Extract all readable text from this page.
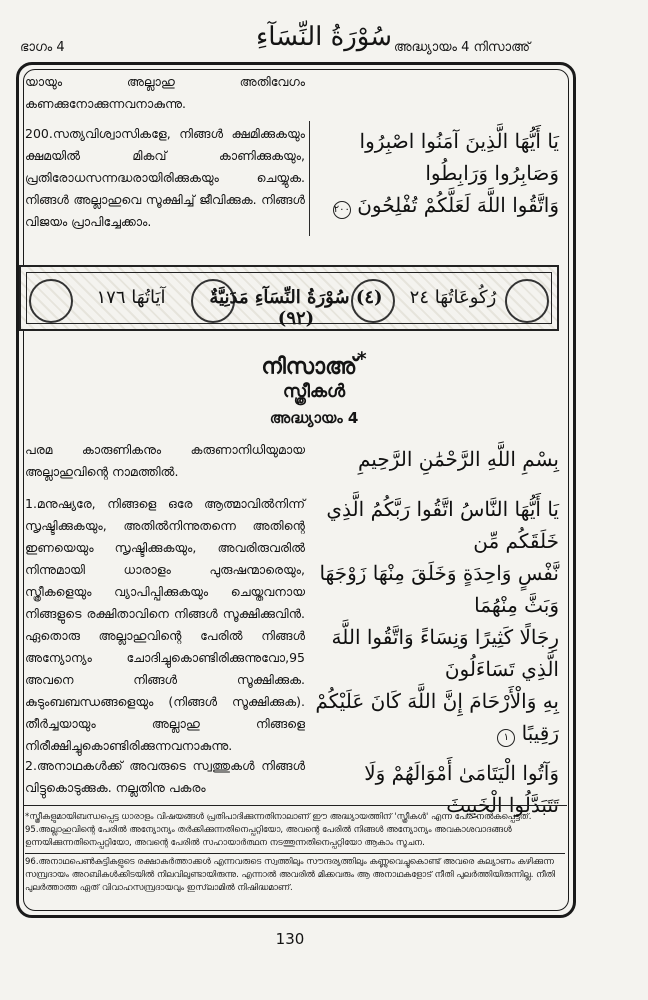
ഭാഗം 4	سُوْرَةُ النِّسَآءِ അദ്ധ്യായം 4 നിസാഅ്
യായും അല്ലാഹു അതിവേഗം കണക്കുനോക്കുന്നവനാകുന്നു.
200.സത്യവിശ്വാസികളേ, നിങ്ങൾ ക്ഷമിക്കുകയും ക്ഷമയിൽ മികവ് കാണിക്കുകയും, പ്രതിരോധസന്നദ്ധരായിരിക്കുകയും ചെയ്യുക. നിങ്ങൾ അല്ലാഹുവെ സൂക്ഷിച്ച് ജീവിക്കുക. നിങ്ങൾ വിജയം പ്രാപിച്ചേക്കാം.
يَا أَيُّهَا الَّذِينَ آمَنُوا اصْبِرُوا وَصَابِرُوا وَرَابِطُوا
وَاتَّقُوا اللَّهَ لَعَلَّكُمْ تُفْلِحُونَ ٢٠٠
آيَاتُهَا ١٧٦	(٤) سُوْرَةُ النِّسَآءِ مَدَنِيَّةٌ (٩٢)
رُكُوعَاتُهَا ٢٤
നിസാഅ്*
സ്ത്രീകൾ
അദ്ധ്യായം 4
പരമ കാരുണികനും കരുണാനിധിയുമായ അല്ലാഹുവിന്റെ നാമത്തിൽ.
بِسْمِ اللَّهِ الرَّحْمَٰنِ الرَّحِيمِ
1.മനുഷ്യരേ, നിങ്ങളെ ഒരേ ആത്മാവിൽനിന്ന് സൃഷ്ടിക്കുകയും, അതിൽനിന്നുതന്നെ അതിന്റെ ഇണയെയും സൃഷ്ടിക്കുകയും, അവരിരുവരിൽ നിന്നുമായി ധാരാളം പുരുഷന്മാരെയും, സ്ത്രീകളെയും വ്യാപിപ്പിക്കുകയും ചെയ്തവനായ നിങ്ങളുടെ രക്ഷിതാവിനെ നിങ്ങൾ സൂക്ഷിക്കുവിൻ. ഏതൊരു അല്ലാഹുവിന്റെ പേരിൽ നിങ്ങൾ അന്യോന്യം ചോദിച്ചുകൊണ്ടിരിക്കുന്നുവോ,95 അവനെ നിങ്ങൾ സൂക്ഷിക്കുക. കുടുംബബന്ധങ്ങളെയും (നിങ്ങൾ സൂക്ഷിക്കുക). തീർച്ചയായും അല്ലാഹു നിങ്ങളെ നിരീക്ഷിച്ചുകൊണ്ടിരിക്കുന്നവനാകുന്നു.
يَا أَيُّهَا النَّاسُ اتَّقُوا رَبَّكُمُ الَّذِي خَلَقَكُم مِّن
نَّفْسٍ وَاحِدَةٍ وَخَلَقَ مِنْهَا زَوْجَهَا وَبَثَّ مِنْهُمَا
رِجَالًا كَثِيرًا وَنِسَاءً وَاتَّقُوا اللَّهَ الَّذِي تَسَاءَلُونَ
بِهِ وَالْأَرْحَامَ إِنَّ اللَّهَ كَانَ عَلَيْكُمْ رَقِيبًا ١
2.അനാഥകൾക്ക് അവരുടെ സ്വത്തുകൾ നിങ്ങൾ വിട്ടുകൊടുക്കുക. നല്ലതിനു പകരം
وَآتُوا الْيَتَامَىٰ أَمْوَالَهُمْ وَلَا تَتَبَدَّلُوا الْخَبِيثَ
*സ്ത്രീകളുമായിബന്ധപ്പെട്ട ധാരാളം വിഷയങ്ങൾ പ്രതിപാദിക്കുന്നതിനാലാണ് ഈ അദ്ധ്യായത്തിന് 'സ്ത്രീകൾ' എന്ന പേര് നൽകപ്പെട്ടത്.
95.അല്ലാഹുവിന്റെ പേരിൽ അന്യോന്യം തർക്കിക്കുന്നതിനെപ്പറ്റിയോ, അവന്റെ പേരിൽ നിങ്ങൾ അന്യോന്യം അവകാശവാദങ്ങൾ ഉന്നയിക്കുന്നതിനെപ്പറ്റിയോ, അവന്റെ പേരിൽ സഹായാർത്ഥന നടത്തുന്നതിനെപ്പറ്റിയോ ആകാം സൂചന.
96.അനാഥപെൺകുട്ടികളുടെ രക്ഷാകർത്താക്കൾ എന്നവരുടെ സ്വത്തിലും സൗന്ദര്യത്തിലും കണ്ണുവെച്ചുകൊണ്ട് അവരെ കല്യാണം കഴിക്കുന്ന സമ്പ്രദായം അറബികൾക്കിടയിൽ നിലവിലുണ്ടായിരുന്നു. എന്നാൽ അവരിൽ മിക്കവരും ആ അനാഥകളോട് നീതി പുലർത്തിയിരുന്നില്ല. നീതി പുലർത്താത്ത ഏത് വിവാഹസമ്പ്രദായവും ഇസ്‌ലാമിൽ നിഷിദ്ധമാണ്.
130
